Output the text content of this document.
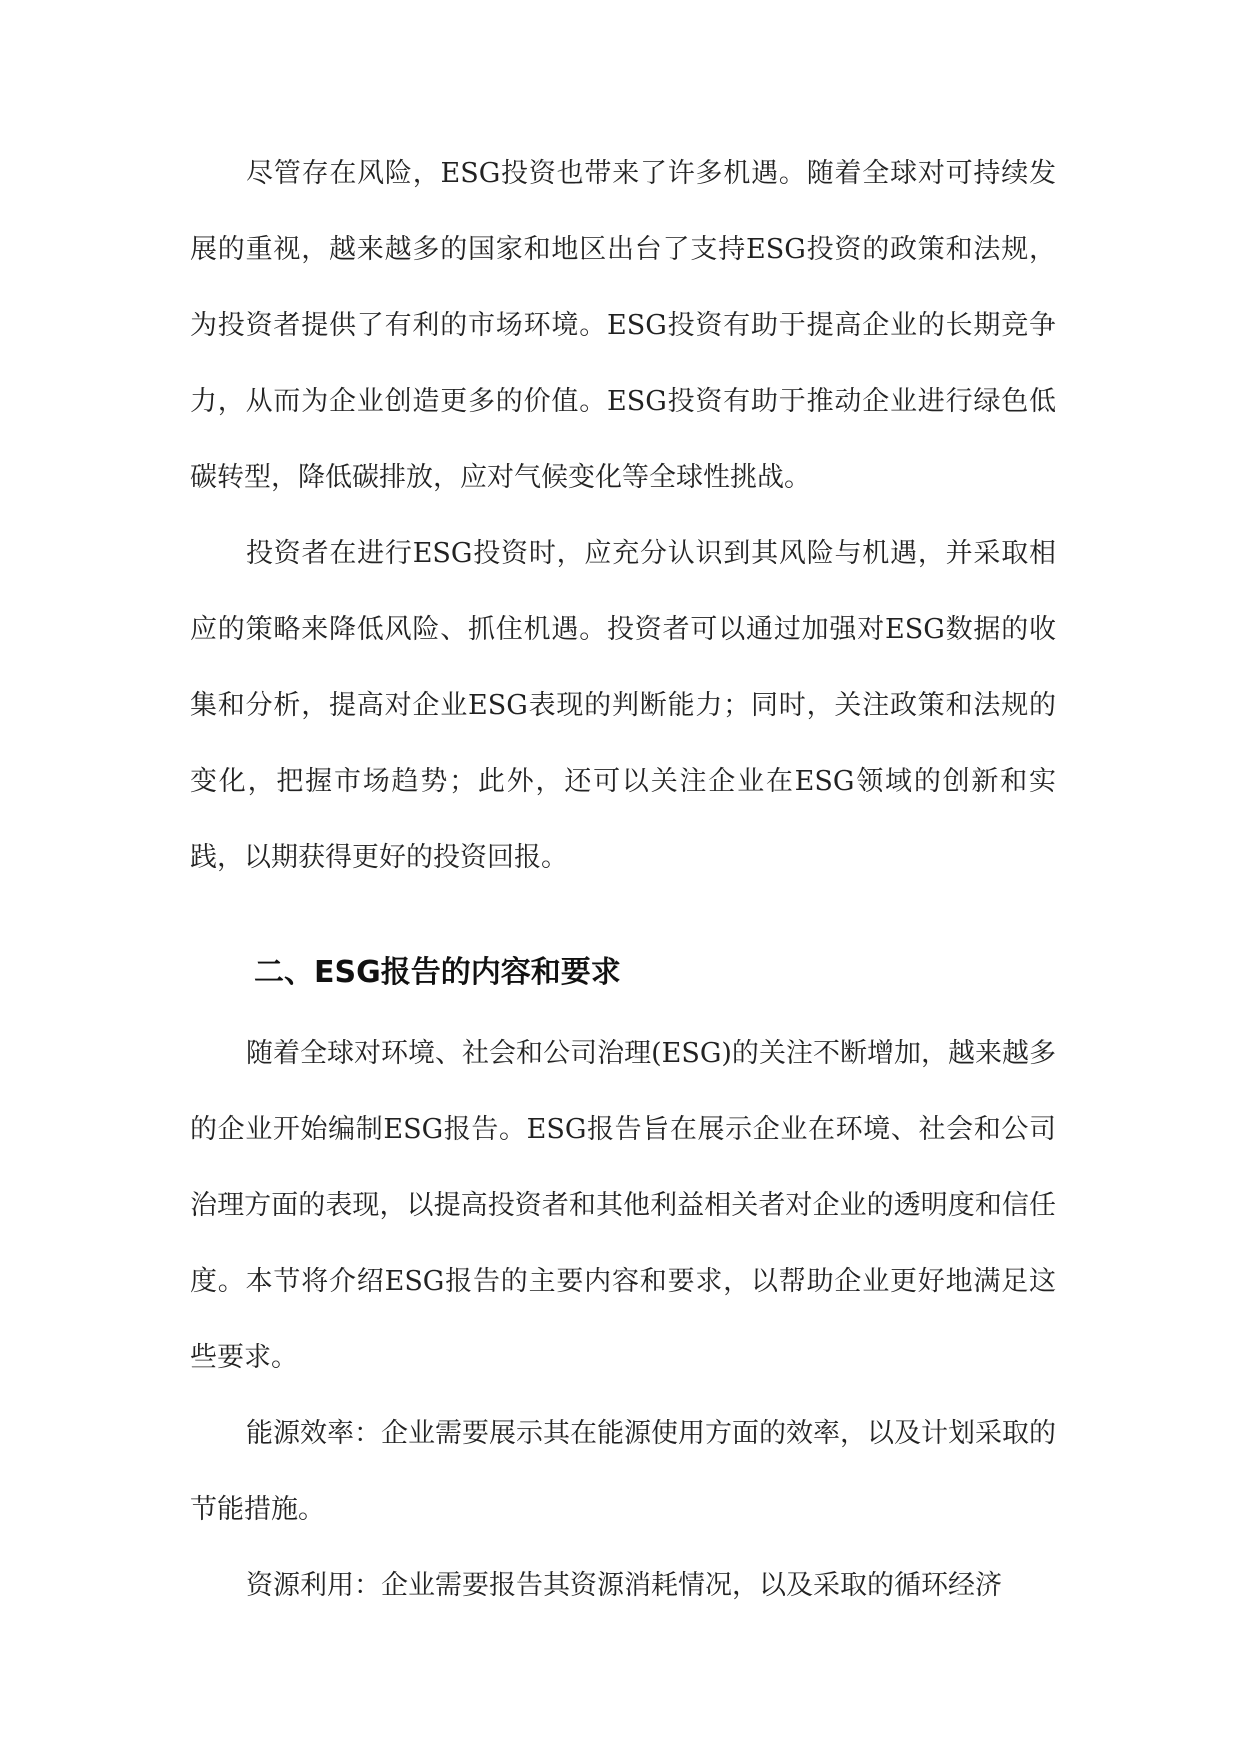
尽管存在风险，ESG投资也带来了许多机遇。随着全球对可持续发展的重视，越来越多的国家和地区出台了支持ESG投资的政策和法规，为投资者提供了有利的市场环境。ESG投资有助于提高企业的长期竞争力，从而为企业创造更多的价值。ESG投资有助于推动企业进行绿色低碳转型，降低碳排放，应对气候变化等全球性挑战。

投资者在进行ESG投资时，应充分认识到其风险与机遇，并采取相应的策略来降低风险、抓住机遇。投资者可以通过加强对ESG数据的收集和分析，提高对企业ESG表现的判断能力；同时，关注政策和法规的变化，把握市场趋势；此外，还可以关注企业在ESG领域的创新和实践，以期获得更好的投资回报。

二、ESG报告的内容和要求

随着全球对环境、社会和公司治理(ESG)的关注不断增加，越来越多的企业开始编制ESG报告。ESG报告旨在展示企业在环境、社会和公司治理方面的表现，以提高投资者和其他利益相关者对企业的透明度和信任度。本节将介绍ESG报告的主要内容和要求，以帮助企业更好地满足这些要求。

能源效率：企业需要展示其在能源使用方面的效率，以及计划采取的节能措施。

资源利用：企业需要报告其资源消耗情况，以及采取的循环经济
